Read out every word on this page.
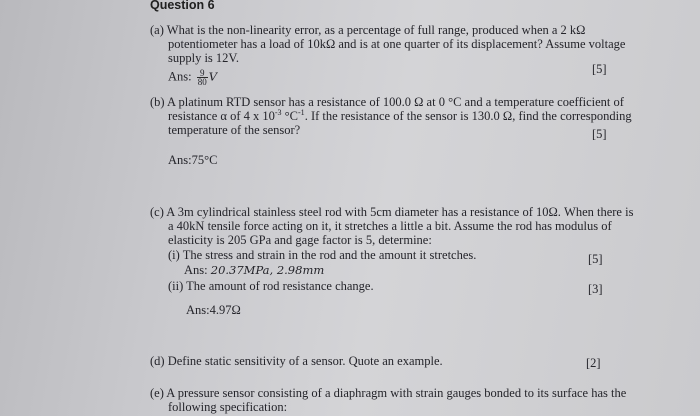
Question 6
(a) What is the non-linearity error, as a percentage of full range, produced when a 2 kΩ
potentiometer has a load of 10kΩ and is at one quarter of its displacement? Assume voltage
supply is 12V.
[5]
Ans: $\frac{9}{80}$ V
(b) A platinum RTD sensor has a resistance of 100.0 Ω at 0 °C and a temperature coefficient of
resistance α of 4 x $10^{-3}$ $^\circ C^{-1}$. If the resistance of the sensor is 130.0 Ω, find the corresponding
temperature of the sensor?	[5]
Ans:75°C
(c) A 3m cylindrical stainless steel rod with 5cm diameter has a resistance of 10Ω. When there is
a 40kN tensile force acting on it, it stretches a little a bit. Assume the rod has modulus of
elasticity is 205 GPa and gage factor is 5, determine:
(i) The stress and strain in the rod and the amount it stretches.	[5]
Ans: 20.37MPa, 2.98mm
(ii) The amount of rod resistance change.	[3]
Ans:4.97Ω
(d) Define static sensitivity of a sensor. Quote an example.	[2]
(e) A pressure sensor consisting of a diaphragm with strain gauges bonded to its surface has the
following specification:
